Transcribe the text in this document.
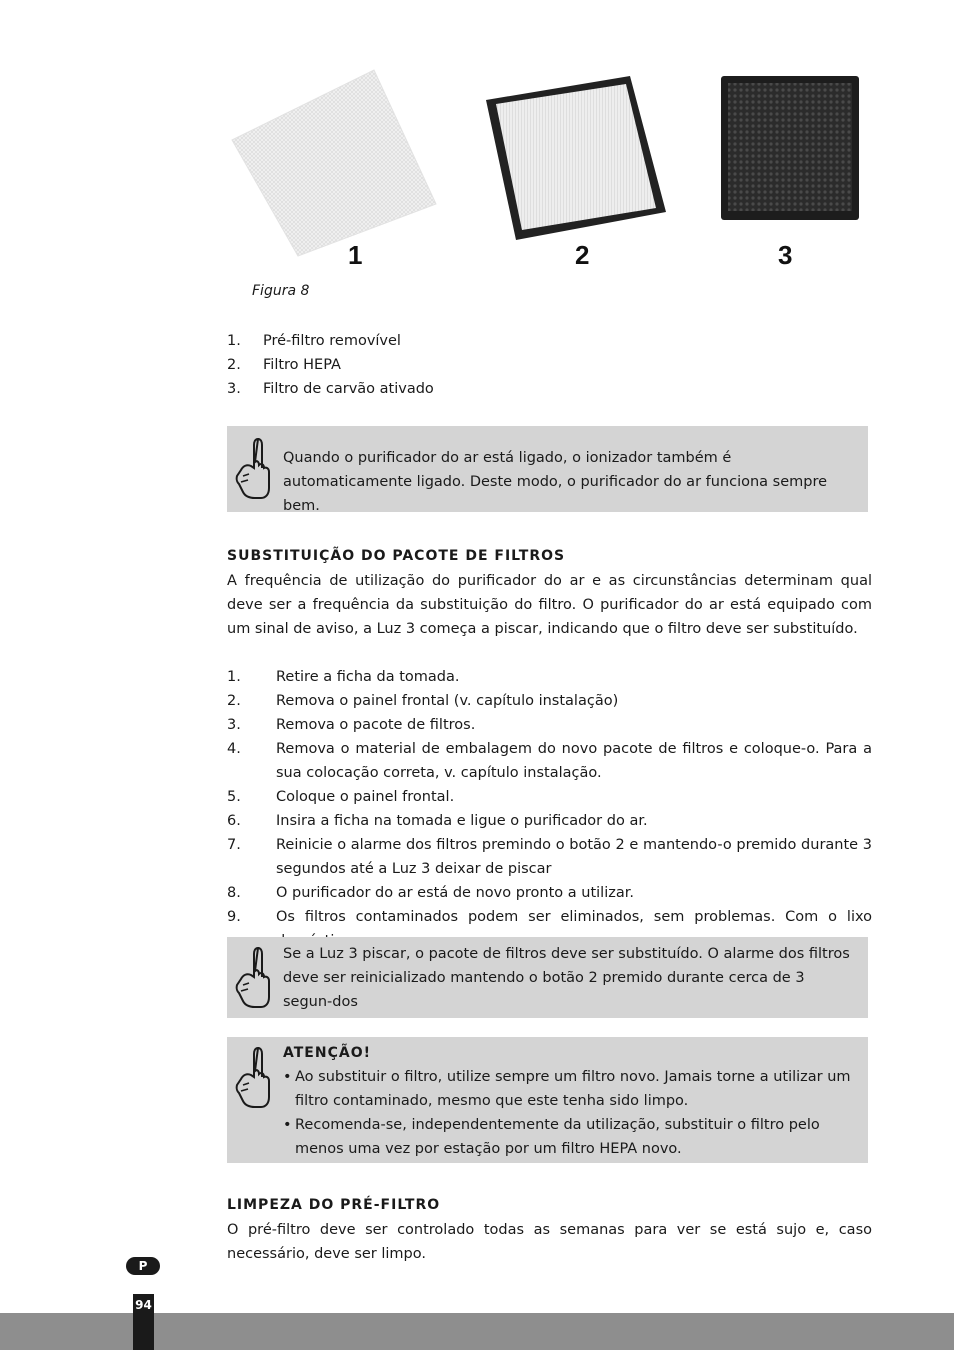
1	2	3
Figura 8
1. Pré-filtro removível
2. Filtro HEPA
3. Filtro de carvão ativado
Quando o purificador do ar está ligado, o ionizador também é automaticamente ligado. Deste modo, o purificador do ar funciona sempre bem.
SUBSTITUIÇÃO DO PACOTE DE FILTROS
A frequência de utilização do purificador do ar e as circunstâncias determinam qual deve ser a frequência da substituição do filtro. O purificador do ar está equipado com um sinal de aviso, a Luz 3 começa a piscar, indicando que o filtro deve ser substituído.
1. Retire a ficha da tomada.
2. Remova o painel frontal (v. capítulo instalação)
3. Remova o pacote de filtros.
4. Remova o material de embalagem do novo pacote de filtros e coloque-o. Para a sua colocação correta, v. capítulo instalação.
5. Coloque o painel frontal.
6. Insira a ficha na tomada e ligue o purificador do ar.
7. Reinicie o alarme dos filtros premindo o botão 2 e mantendo-o premido durante 3 segundos até a Luz 3 deixar de piscar
8. O purificador do ar está de novo pronto a utilizar.
9. Os filtros contaminados podem ser eliminados, sem problemas. Com o lixo
Se a Luz 3 piscar, o pacote de filtros deve ser substituído. O alarme dos filtros deve ser reinicializado mantendo o botão 2 premido durante cerca de 3 segun-dos
ATENÇÃO!
• Ao substituir o filtro, utilize sempre um filtro novo. Jamais torne a utilizar um filtro contaminado, mesmo que este tenha sido limpo.
• Recomenda-se, independentemente da utilização, substituir o filtro pelo menos uma vez por estação por um filtro HEPA novo.
LIMPEZA DO PRÉ-FILTRO
O pré-filtro deve ser controlado todas as semanas para ver se está sujo e, caso necessário, deve ser limpo.
P
94
